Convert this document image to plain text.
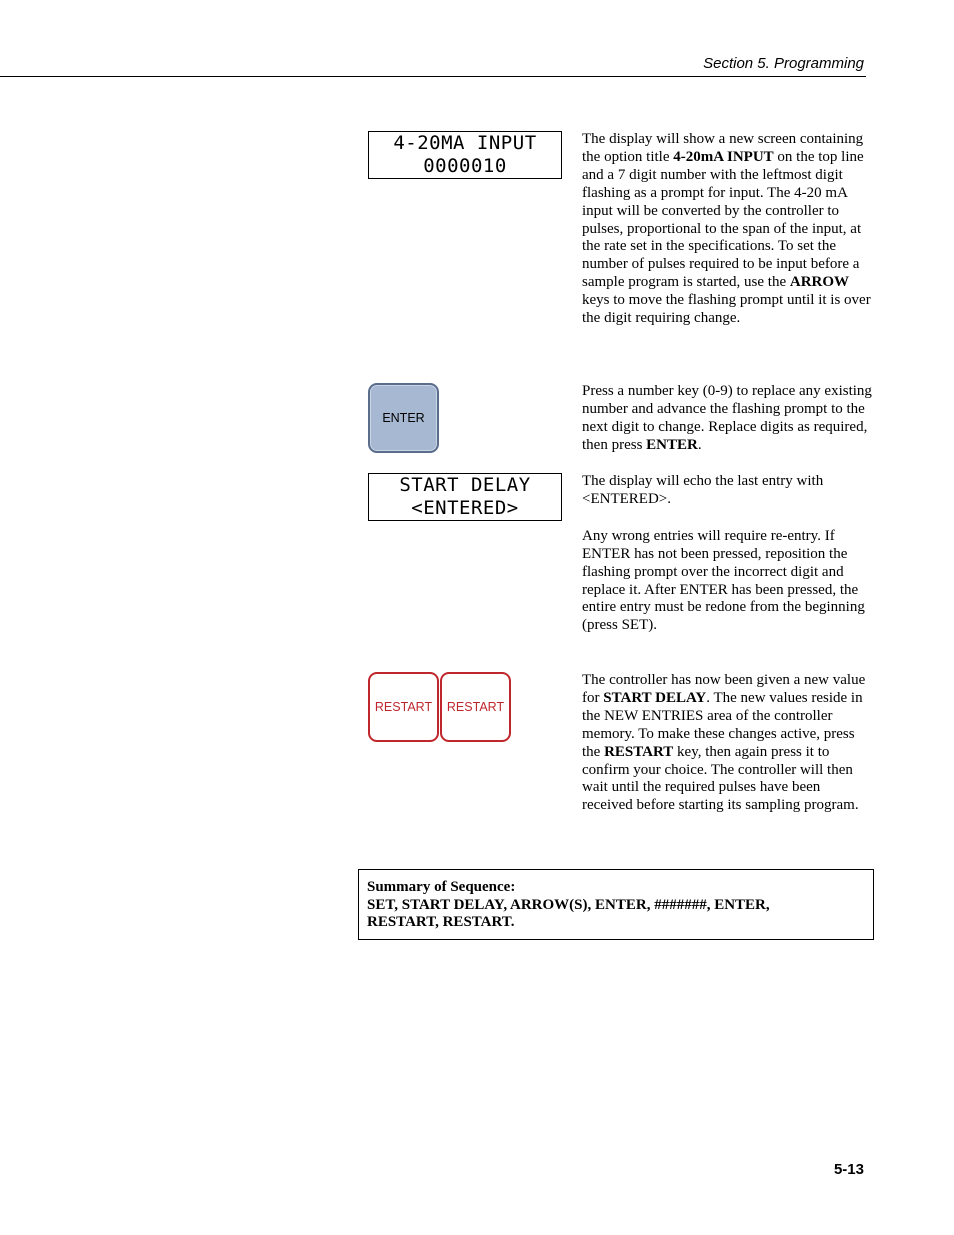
Section 5. Programming
4-20MA INPUT
0000010

The display will show a new screen containing the option title 4-20mA INPUT on the top line and a 7 digit number with the leftmost digit flashing as a prompt for input. The 4-20 mA input will be converted by the controller to pulses, proportional to the span of the input, at the rate set in the specifications. To set the number of pulses required to be input before a sample program is started, use the ARROW keys to move the flashing prompt until it is over the digit requiring change.

ENTER

Press a number key (0-9) to replace any existing number and advance the flashing prompt to the next digit to change. Replace digits as required, then press ENTER.

START DELAY
<ENTERED>

The display will echo the last entry with <ENTERED>.

Any wrong entries will require re-entry. If ENTER has not been pressed, reposition the flashing prompt over the incorrect digit and replace it. After ENTER has been pressed, the entire entry must be redone from the beginning (press SET).

RESTART RESTART

The controller has now been given a new value for START DELAY. The new values reside in the NEW ENTRIES area of the controller memory. To make these changes active, press the RESTART key, then again press it to confirm your choice. The controller will then wait until the required pulses have been received before starting its sampling program.

Summary of Sequence:
SET, START DELAY, ARROW(S), ENTER, #######, ENTER,
RESTART, RESTART.
5-13
